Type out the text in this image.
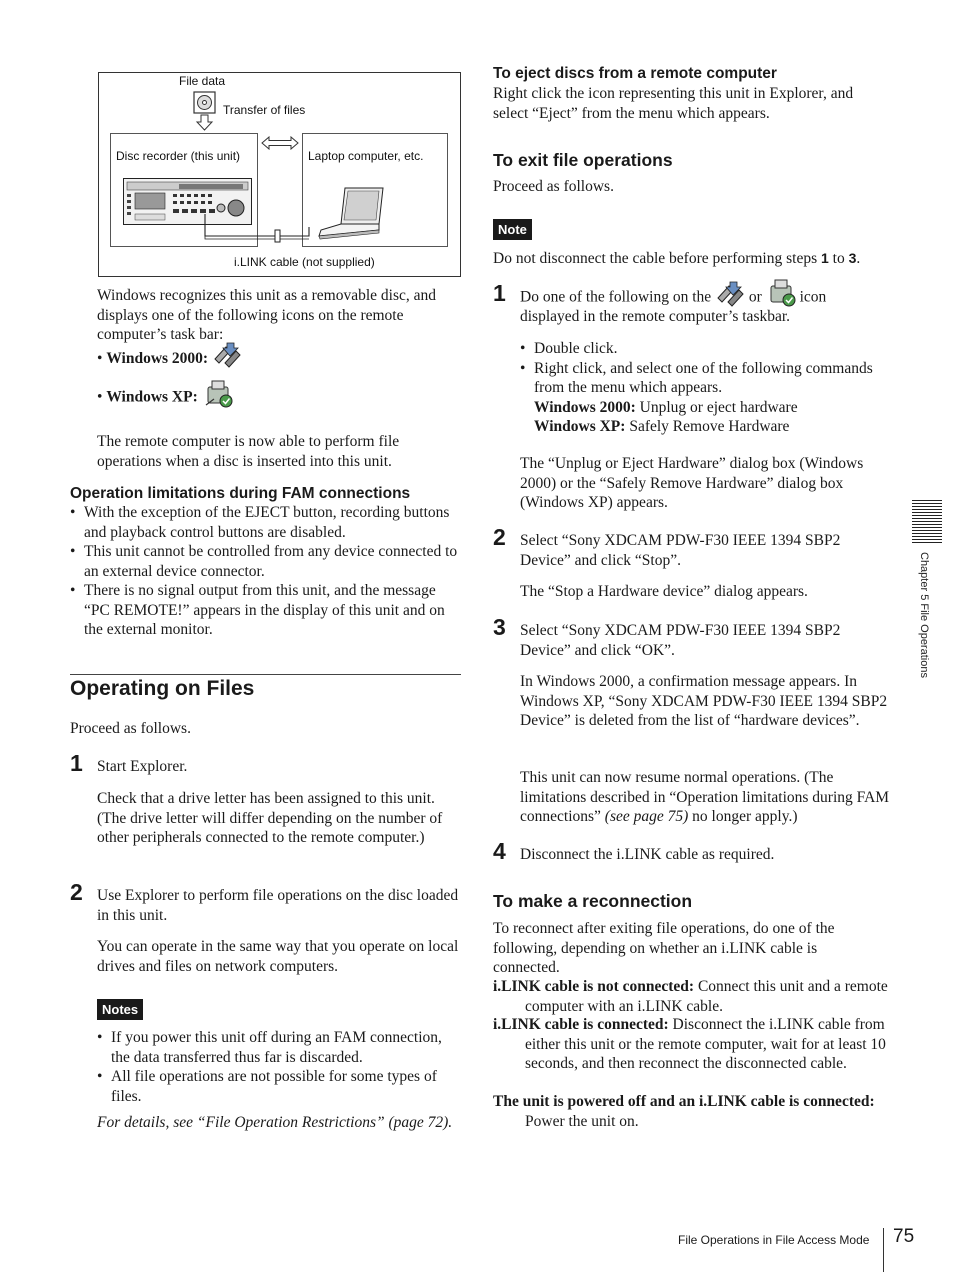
File data
Transfer of files
Disc recorder (this unit)	Laptop computer, etc.
i.LINK cable (not supplied)

Windows recognizes this unit as a removable disc, and displays one of the following icons on the remote computer’s task bar:

• Windows 2000:
• Windows XP:

The remote computer is now able to perform file operations when a disc is inserted into this unit.

Operation limitations during FAM connections
• With the exception of the EJECT button, recording buttons and playback control buttons are disabled.
• This unit cannot be controlled from any device connected to an external device connector.
• There is no signal output from this unit, and the message “PC REMOTE!” appears in the display of this unit and on the external monitor.
Operating on Files

Proceed as follows.

1 Start Explorer.

Check that a drive letter has been assigned to this unit. (The drive letter will differ depending on the number of other peripherals connected to the remote computer.)

2 Use Explorer to perform file operations on the disc loaded in this unit.

You can operate in the same way that you operate on local drives and files on network computers.

Notes
• If you power this unit off during an FAM connection, the data transferred thus far is discarded.
• All file operations are not possible for some types of files.

For details, see “File Operation Restrictions” (page 72).

To eject discs from a remote computer

Right click the icon representing this unit in Explorer, and select “Eject” from the menu which appears.

To exit file operations

Proceed as follows.

Note

Do not disconnect the cable before performing steps 1 to 3.

1 Do one of the following on the or icon

displayed in the remote computer’s taskbar.

• Double click.
• Right click, and select one of the following commands from the menu which appears.
Windows 2000: Unplug or eject hardware
Windows XP: Safely Remove Hardware

The “Unplug or Eject Hardware” dialog box (Windows 2000) or the “Safely Remove Hardware” dialog box (Windows XP) appears.

2 Select “Sony XDCAM PDW-F30 IEEE 1394 SBP2 Device” and click “Stop”.

The “Stop a Hardware device” dialog appears.

3 Select “Sony XDCAM PDW-F30 IEEE 1394 SBP2 Device” and click “OK”.

In Windows 2000, a confirmation message appears. In Windows XP, “Sony XDCAM PDW-F30 IEEE 1394 SBP2 Device” is deleted from the list of “hardware devices”.

This unit can now resume normal operations. (The limitations described in “Operation limitations during FAM connections” (see page 75) no longer apply.)

4 Disconnect the i.LINK cable as required.

To make a reconnection

To reconnect after exiting file operations, do one of the following, depending on whether an i.LINK cable is connected.

i.LINK cable is not connected: Connect this unit and a remote computer with an i.LINK cable.

i.LINK cable is connected: Disconnect the i.LINK cable from either this unit or the remote computer, wait for at least 10 seconds, and then reconnect the disconnected cable.

The unit is powered off and an i.LINK cable is connected: Power the unit on.

Chapter 5 File Operations
File Operations in File Access Mode 75
